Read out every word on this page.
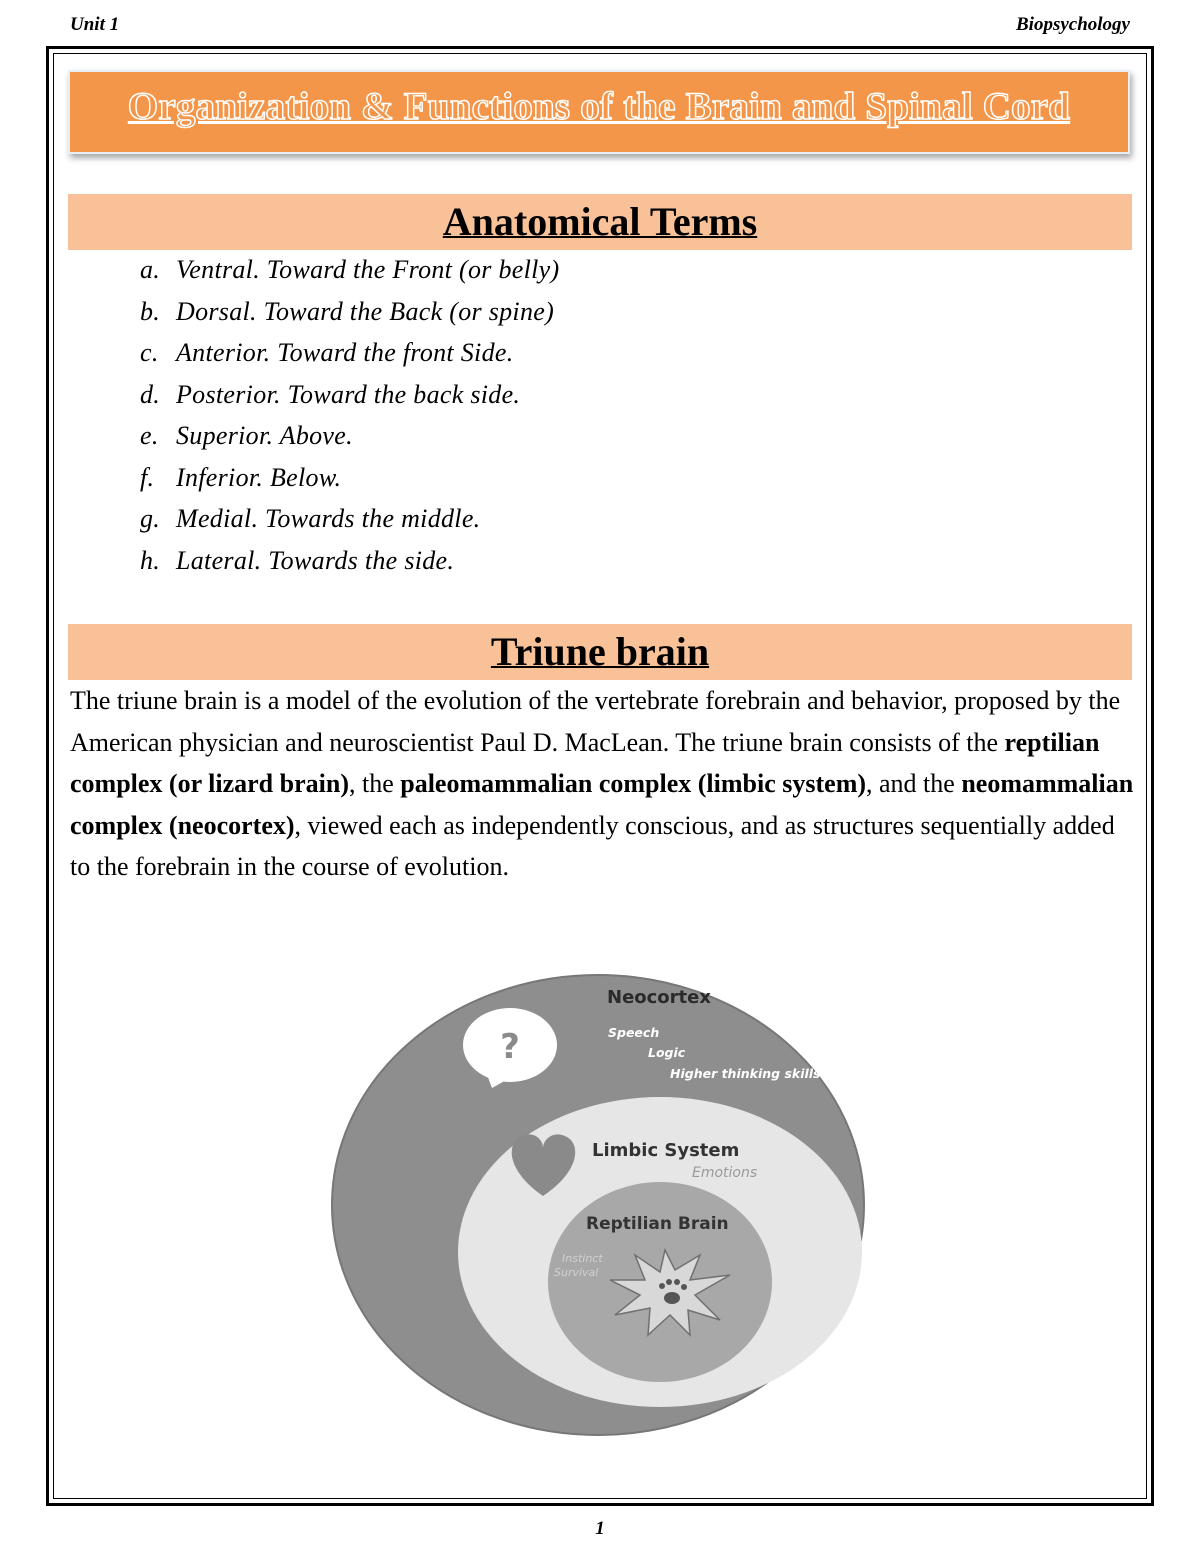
Unit 1	Biopsychology
Organization & Functions of the Brain and Spinal Cord
Anatomical Terms
a. Ventral. Toward the Front (or belly)
b. Dorsal. Toward the Back (or spine)
c. Anterior. Toward the front Side.
d. Posterior. Toward the back side.
e. Superior. Above.
f. Inferior. Below.
g. Medial. Towards the middle.
h. Lateral. Towards the side.
Triune brain

The triune brain is a model of the evolution of the vertebrate forebrain and behavior, proposed by the American physician and neuroscientist Paul D. MacLean. The triune brain consists of the reptilian complex (or lizard brain), the paleomammalian complex (limbic system), and the neomammalian complex (neocortex), viewed each as independently conscious, and as structures sequentially added to the forebrain in the course of evolution.

?
Neocortex
Speech
Logic
Higher thinking skills
Limbic System
Emotions
Reptilian Brain
Instinct
Survival
1
